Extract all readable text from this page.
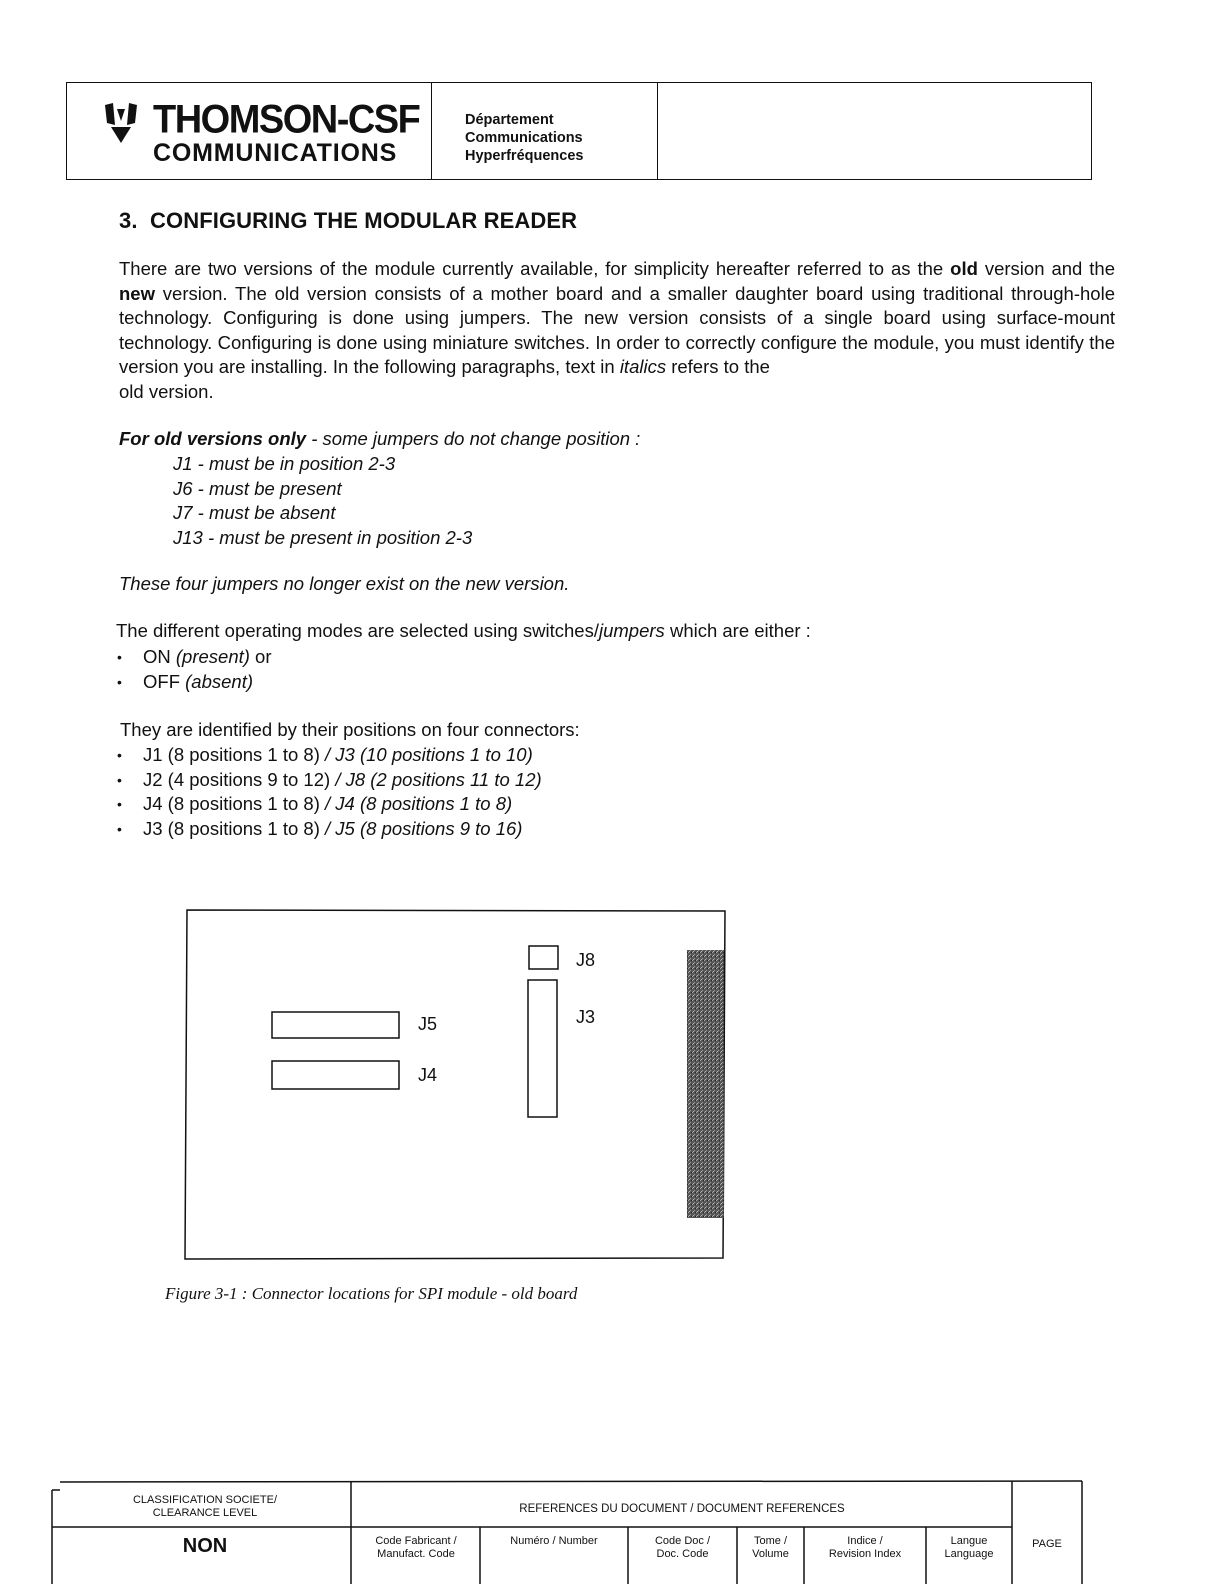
THOMSON-CSF
COMMUNICATIONS
Département
Communications
Hyperfréquences
3. CONFIGURING THE MODULAR READER
There are two versions of the module currently available, for simplicity hereafter referred to as the old version and the new version. The old version consists of a mother board and a smaller daughter board using traditional through-hole technology. Configuring is done using jumpers. The new version consists of a single board using surface-mount technology. Configuring is done using miniature switches. In order to correctly configure the module, you must identify the version you are installing. In the following paragraphs, text in italics refers to the
old version.
For old versions only - some jumpers do not change position :
J1 - must be in position 2-3
J6 - must be present
J7 - must be absent
J13 - must be present in position 2-3
These four jumpers no longer exist on the new version.
The different operating modes are selected using switches/jumpers which are either :
• ON (present) or
• OFF (absent)
They are identified by their positions on four connectors:
• J1 (8 positions 1 to 8) / J3 (10 positions 1 to 10)
• J2 (4 positions 9 to 12) / J8 (2 positions 11 to 12)
• J4 (8 positions 1 to 8) / J4 (8 positions 1 to 8)
• J3 (8 positions 1 to 8) / J5 (8 positions 9 to 16)
J8
J3
J5
J4
Figure 3-1 : Connector locations for SPI module - old board
CLASSIFICATION SOCIETE/
CLEARANCE LEVEL
NON
REFERENCES DU DOCUMENT / DOCUMENT REFERENCES
Code Fabricant /
Manufact. Code
Numéro / Number	Code Doc /
Doc. Code
Tome /
Volume
Indice /
Revision Index
Langue
Language
PAGE
